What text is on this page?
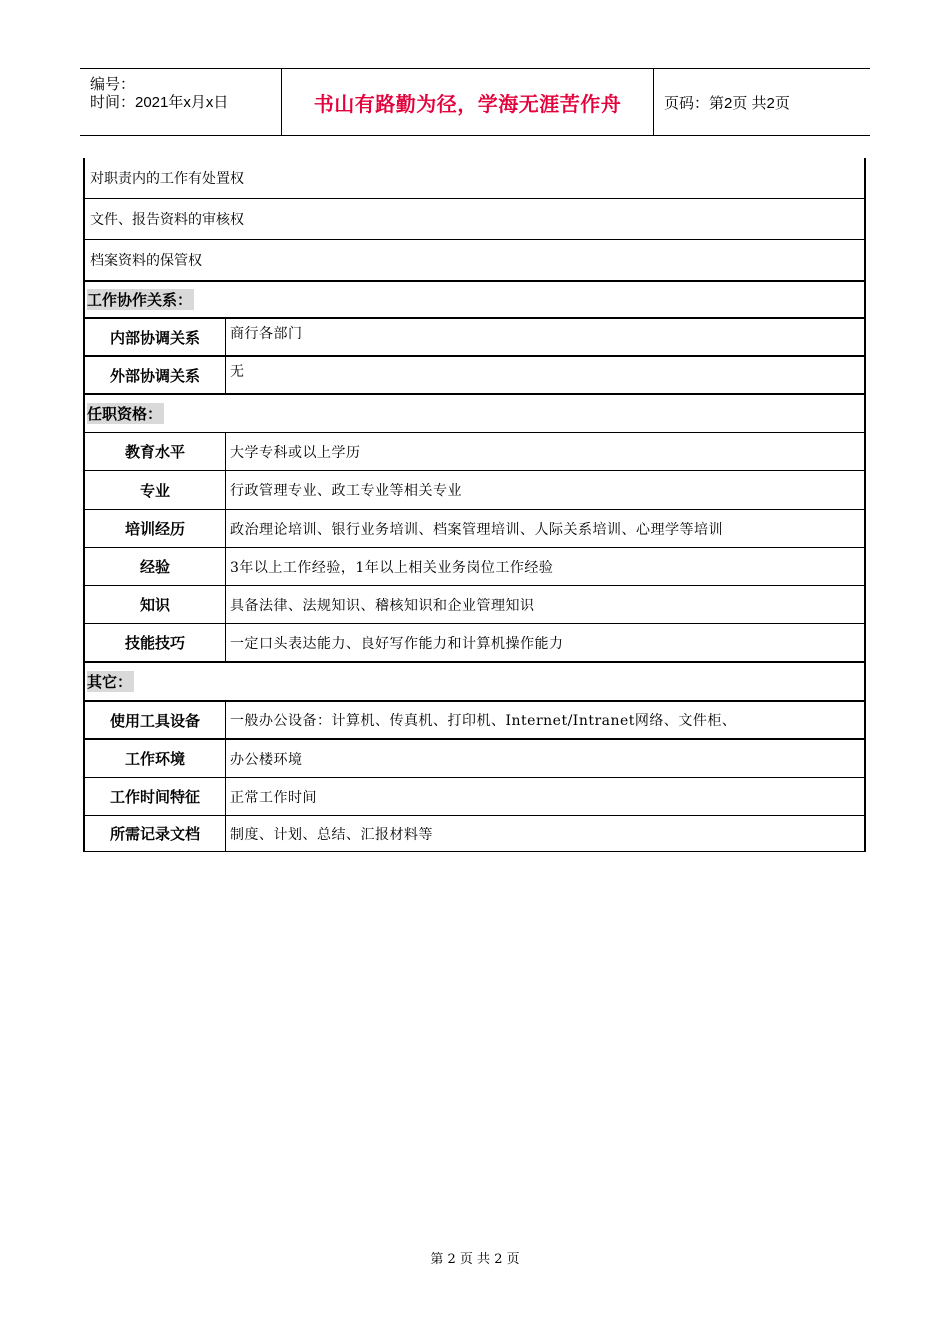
编号：
时间：2021年x月x日	书山有路勤为径，学海无涯苦作舟	页码：第2页 共2页
对职责内的工作有处置权
文件、报告资料的审核权
档案资料的保管权
工作协作关系：
内部协调关系	商行各部门
外部协调关系	无
任职资格：
教育水平	大学专科或以上学历
专业	行政管理专业、政工专业等相关专业
培训经历	政治理论培训、银行业务培训、档案管理培训、人际关系培训、心理学等培训
经验	3年以上工作经验，1年以上相关业务岗位工作经验
知识	具备法律、法规知识、稽核知识和企业管理知识
技能技巧	一定口头表达能力、良好写作能力和计算机操作能力
其它：
使用工具设备	一般办公设备：计算机、传真机、打印机、Internet/Intranet网络、文件柜、
工作环境	办公楼环境
工作时间特征	正常工作时间
所需记录文档	制度、计划、总结、汇报材料等
第 2 页 共 2 页
